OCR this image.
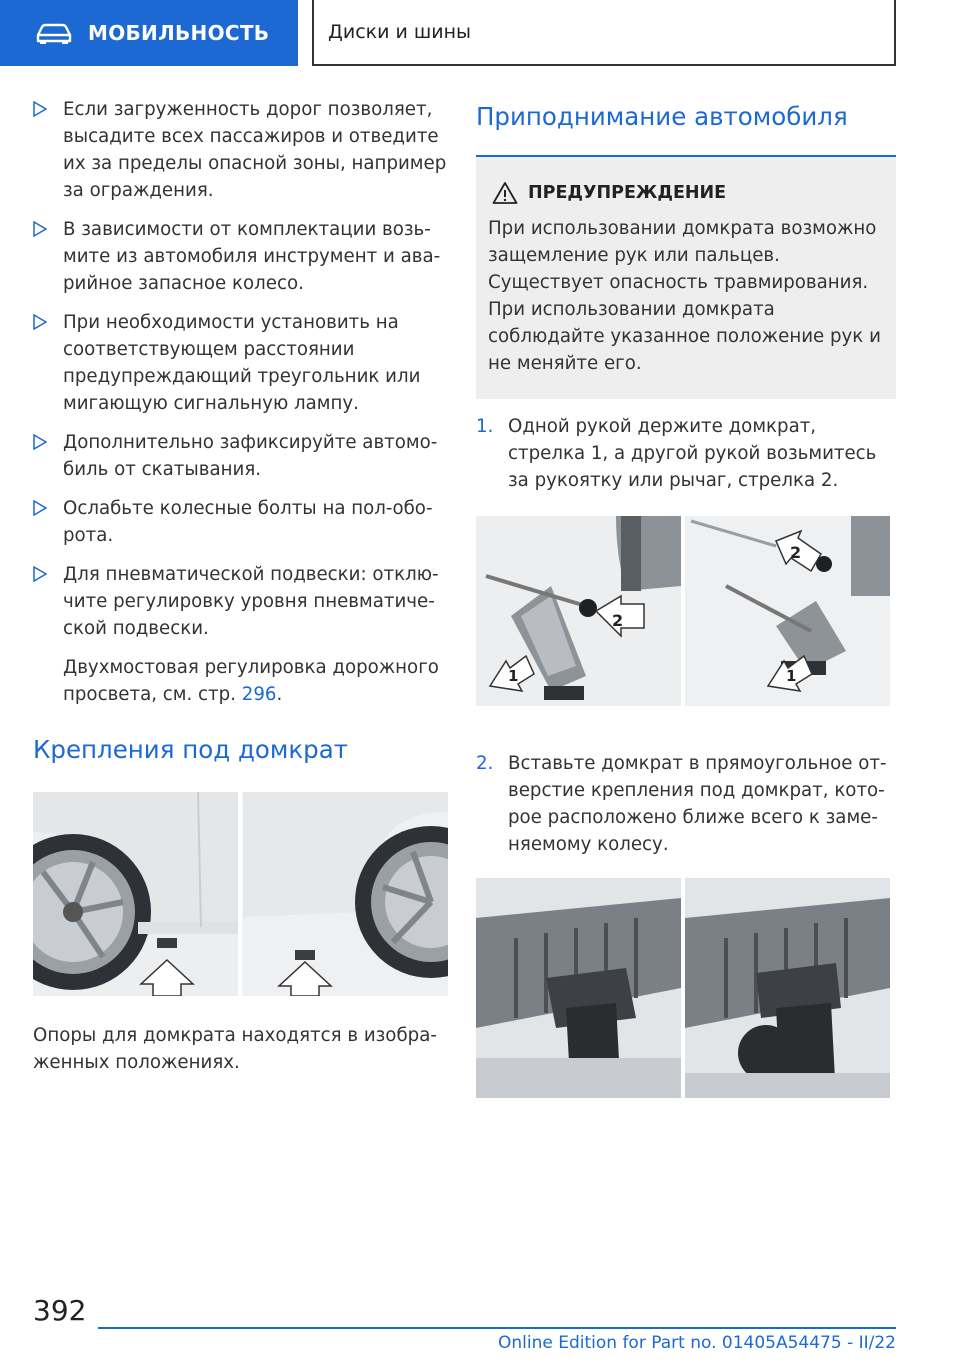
МОБИЛЬНОСТЬ	Диски и шины

Если загруженность дорог позволяет, высадите всех пассажиров и отведите их за пределы опасной зоны, например за ограждения.

В зависимости от комплектации возьмите из автомобиля инструмент и аварийное запасное колесо.

При необходимости установить на соответствующем расстоянии предупреждающий треугольник или мигающую сигнальную лампу.

Дополнительно зафиксируйте автомобиль от скатывания.

Ослабьте колесные болты на пол-оборота.

Для пневматической подвески: отключите регулировку уровня пневматической подвески.

Двухмостовая регулировка дорожного просвета, см. стр. 296.

Крепления под домкрат

Опоры для домкрата находятся в изображенных положениях.

Приподнимание автомобиля
ПРЕДУПРЕЖДЕНИЕ

При использовании домкрата возможно защемление рук или пальцев. Существует опасность травмирования. При использовании домкрата соблюдайте указанное положение рук и не меняйте его.

1. Одной рукой держите домкрат, стрелка 1, а другой рукой возьмитесь за рукоятку или рычаг, стрелка 2.

2
1
2
1
2. Вставьте домкрат в прямоугольное отверстие крепления под домкрат, которое расположено ближе всего к заменяемому колесу.

392
Online Edition for Part no. 01405A54475 - II/22
